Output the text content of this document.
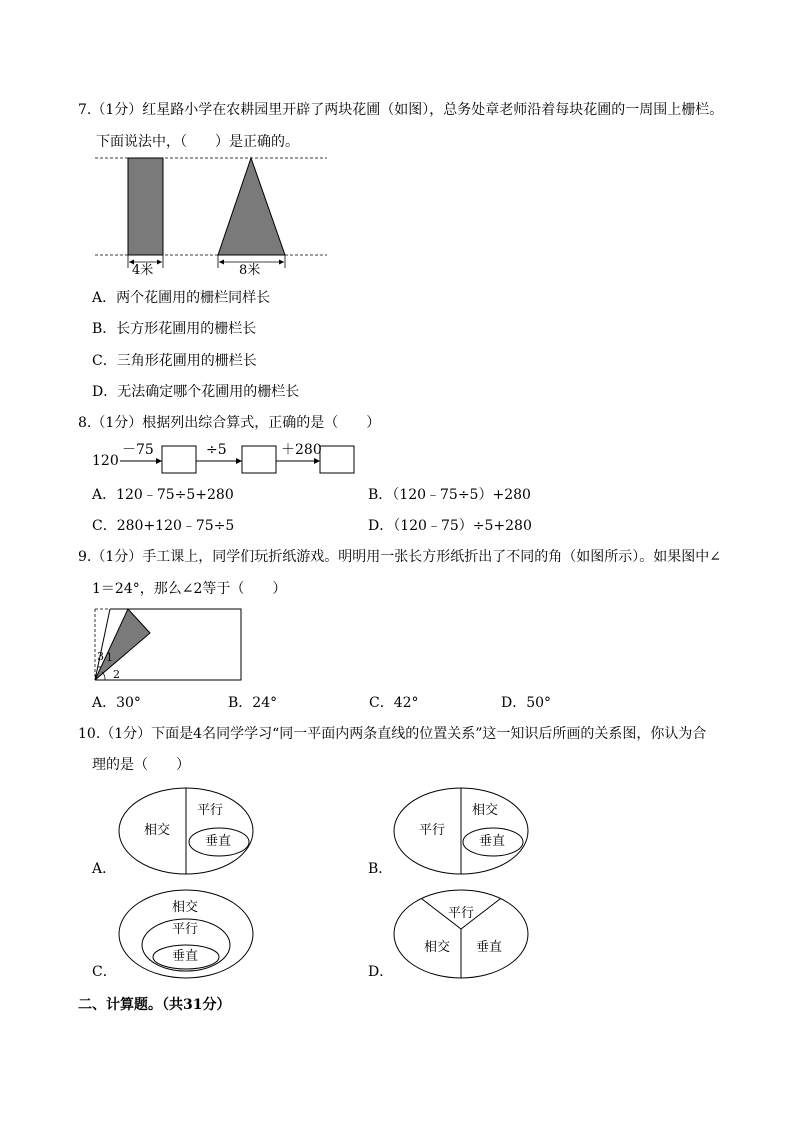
7.（1分）红星路小学在农耕园里开辟了两块花圃（如图），总务处章老师沿着每块花圃的一周围上栅栏。
下面说法中，（　　）是正确的。
4米	8米
A．两个花圃用的栅栏同样长
B．长方形花圃用的栅栏长
C．三角形花圃用的栅栏长
D．无法确定哪个花圃用的栅栏长
8.（1分）根据列出综合算式，正确的是（　　）
120
－75	÷5	＋280
A．120﹣75÷5+280	B．（120﹣75÷5）+280
C．280+120﹣75÷5	D．（120﹣75）÷5+280
9.（1分）手工课上，同学们玩折纸游戏。明明用一张长方形纸折出了不同的角（如图所示）。如果图中∠
1＝24°，那么∠2等于（　　）
3 1
2
A．30°	B．24°	C．42°	D．50°
10.（1分）下面是4名同学学习“同一平面内两条直线的位置关系”这一知识后所画的关系图，你认为合
理的是（　　）
相交
平行
垂直
A．
平行
相交
垂直
B．
相交
平行
垂直
C．
平行
相交 垂直
D．
二、计算题。（共31分）
